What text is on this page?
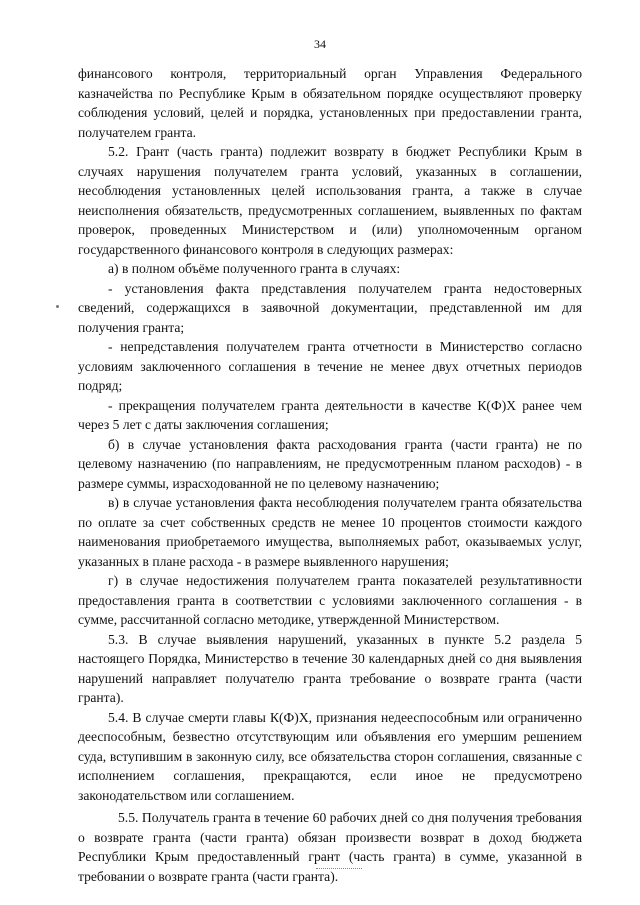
34

финансового контроля, территориальный орган Управления Федерального казначейства по Республике Крым в обязательном порядке осуществляют проверку соблюдения условий, целей и порядка, установленных при предоставлении гранта, получателем гранта.

5.2. Грант (часть гранта) подлежит возврату в бюджет Республики Крым в случаях нарушения получателем гранта условий, указанных в соглашении, несоблюдения установленных целей использования гранта, а также в случае неисполнения обязательств, предусмотренных соглашением, выявленных по фактам проверок, проведенных Министерством и (или) уполномоченным органом государственного финансового контроля в следующих размерах:

а) в полном объёме полученного гранта в случаях:

- установления факта представления получателем гранта недостоверных сведений, содержащихся в заявочной документации, представленной им для получения гранта;

- непредставления получателем гранта отчетности в Министерство согласно условиям заключенного соглашения в течение не менее двух отчетных периодов подряд;

- прекращения получателем гранта деятельности в качестве К(Ф)Х ранее чем через 5 лет с даты заключения соглашения;

б) в случае установления факта расходования гранта (части гранта) не по целевому назначению (по направлениям, не предусмотренным планом расходов) - в размере суммы, израсходованной не по целевому назначению;

в) в случае установления факта несоблюдения получателем гранта обязательства по оплате за счет собственных средств не менее 10 процентов стоимости каждого наименования приобретаемого имущества, выполняемых работ, оказываемых услуг, указанных в плане расхода - в размере выявленного нарушения;

г) в случае недостижения получателем гранта показателей результативности предоставления гранта в соответствии с условиями заключенного соглашения - в сумме, рассчитанной согласно методике, утвержденной Министерством.

5.3. В случае выявления нарушений, указанных в пункте 5.2 раздела 5 настоящего Порядка, Министерство в течение 30 календарных дней со дня выявления нарушений направляет получателю гранта требование о возврате гранта (части гранта).

5.4. В случае смерти главы К(Ф)Х, признания недееспособным или ограниченно дееспособным, безвестно отсутствующим или объявления его умершим решением суда, вступившим в законную силу, все обязательства сторон соглашения, связанные с исполнением соглашения, прекращаются, если иное не предусмотрено законодательством или соглашением.

5.5. Получатель гранта в течение 60 рабочих дней со дня получения требования о возврате гранта (части гранта) обязан произвести возврат в доход бюджета Республики Крым предоставленный грант (часть гранта) в сумме, указанной в требовании о возврате гранта (части гранта).
